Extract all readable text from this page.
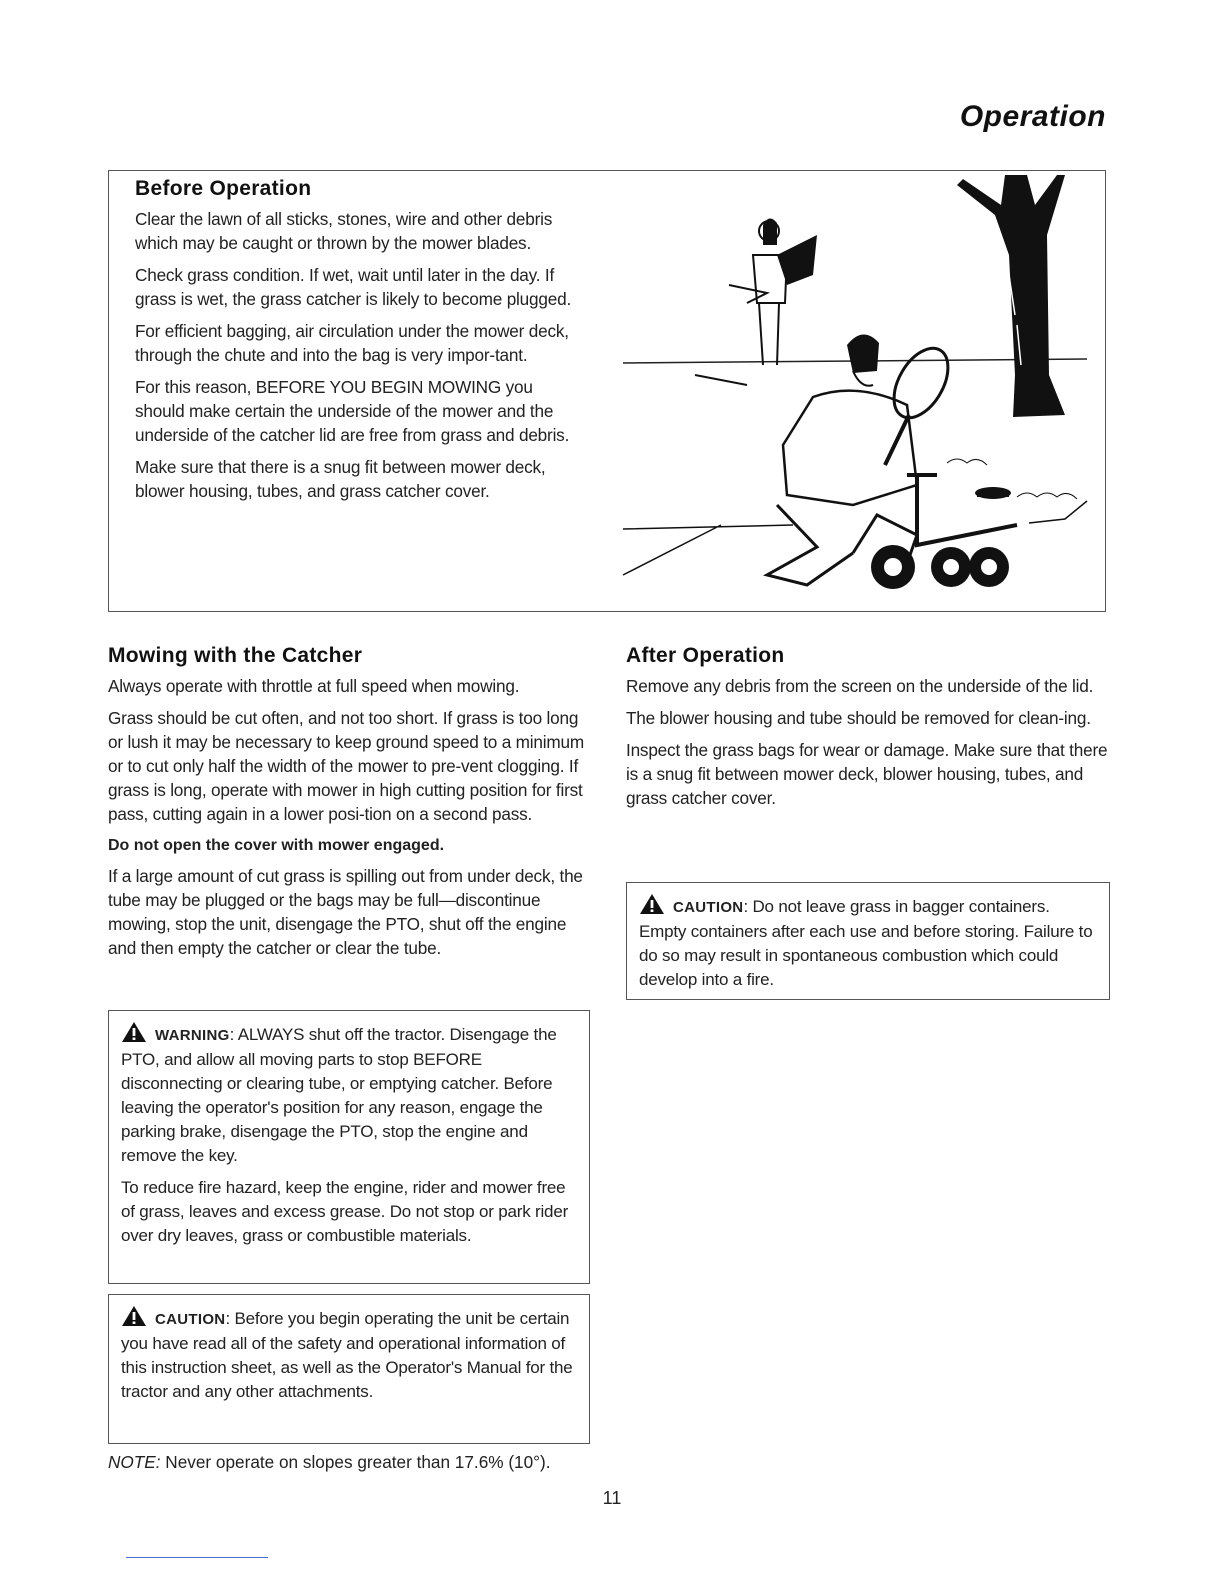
Operation
Before Operation

Clear the lawn of all sticks, stones, wire and other debris which may be caught or thrown by the mower blades.

Check grass condition. If wet, wait until later in the day. If grass is wet, the grass catcher is likely to become plugged.

For efficient bagging, air circulation under the mower deck, through the chute and into the bag is very impor-tant.

For this reason, BEFORE YOU BEGIN MOWING you should make certain the underside of the mower and the underside of the catcher lid are free from grass and debris.

Make sure that there is a snug fit between mower deck, blower housing, tubes, and grass catcher cover.

Mowing with the Catcher

Always operate with throttle at full speed when mowing.

Grass should be cut often, and not too short. If grass is too long or lush it may be necessary to keep ground speed to a minimum or to cut only half the width of the mower to pre-vent clogging. If grass is long, operate with mower in high cutting position for first pass, cutting again in a lower posi-tion on a second pass.

Do not open the cover with mower engaged.

If a large amount of cut grass is spilling out from under deck, the tube may be plugged or the bags may be full—discontinue mowing, stop the unit, disengage the PTO, shut off the engine and then empty the catcher or clear the tube.

WARNING: ALWAYS shut off the tractor. Disengage the PTO, and allow all moving parts to stop BEFORE disconnecting or clearing tube, or emptying catcher. Before leaving the operator's position for any reason, engage the parking brake, disengage the PTO, stop the engine and remove the key.

To reduce fire hazard, keep the engine, rider and mower free of grass, leaves and excess grease. Do not stop or park rider over dry leaves, grass or combustible materials.

CAUTION: Before you begin operating the unit be certain you have read all of the safety and operational information of this instruction sheet, as well as the Operator's Manual for the tractor and any other attachments.

NOTE: Never operate on slopes greater than 17.6% (10°).
After Operation

Remove any debris from the screen on the underside of the lid.

The blower housing and tube should be removed for clean-ing.

Inspect the grass bags for wear or damage. Make sure that there is a snug fit between mower deck, blower housing, tubes, and grass catcher cover.

CAUTION: Do not leave grass in bagger containers. Empty containers after each use and before storing. Failure to do so may result in spontaneous combustion which could develop into a fire.

11
